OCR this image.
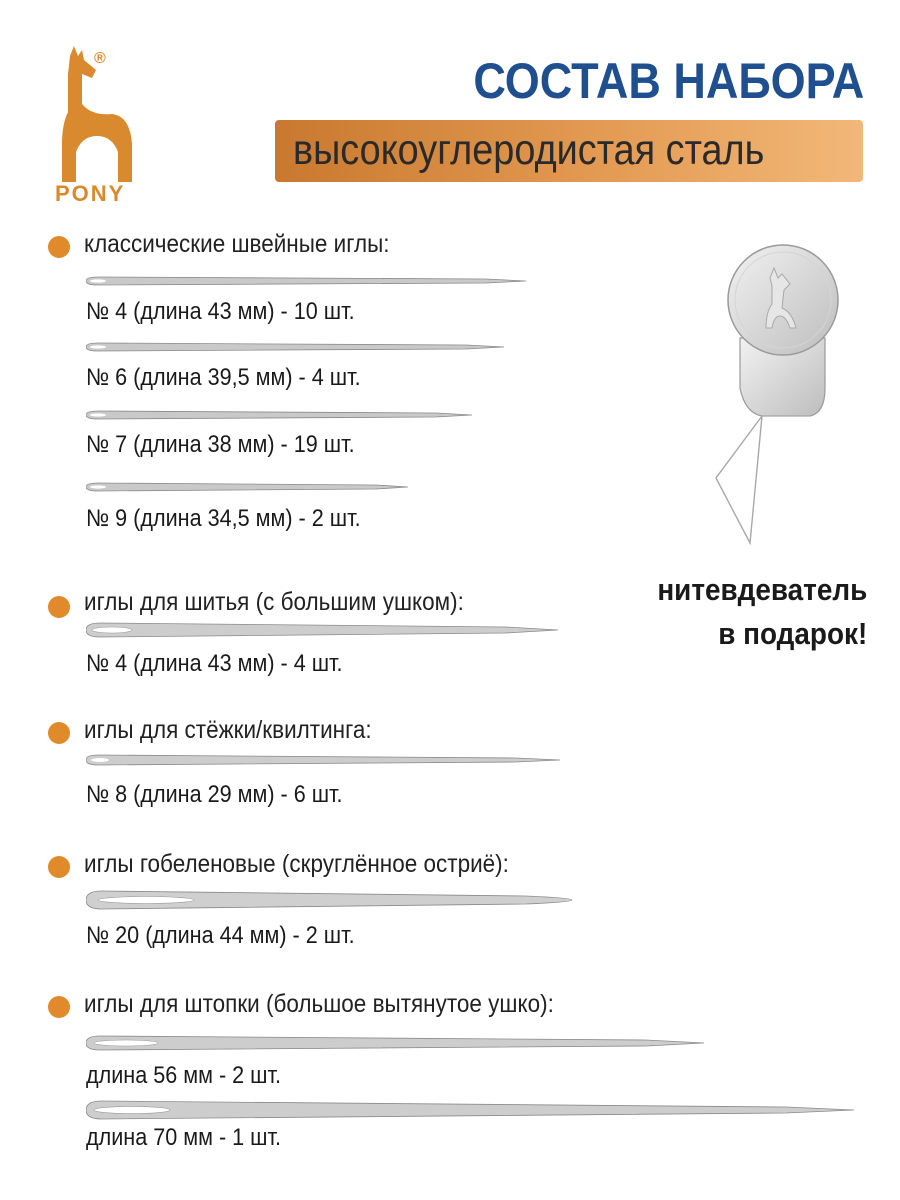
®
PONY
СОСТАВ НАБОРА
высокоуглеродистая сталь
классические швейные иглы:
№ 4 (длина 43 мм) - 10 шт.
№ 6 (длина 39,5 мм) - 4 шт.
№ 7 (длина 38 мм) - 19 шт.
№ 9 (длина 34,5 мм) - 2 шт.
иглы для шитья (с большим ушком):
№ 4 (длина 43 мм) - 4 шт.
иглы для стёжки/квилтинга:
№ 8 (длина 29 мм) - 6 шт.
иглы гобеленовые (скруглённое остриё):
№ 20 (длина 44 мм) - 2 шт.
иглы для штопки (большое вытянутое ушко):
длина 56 мм - 2 шт.
длина 70 мм - 1 шт.
нитевдеватель
в подарок!
